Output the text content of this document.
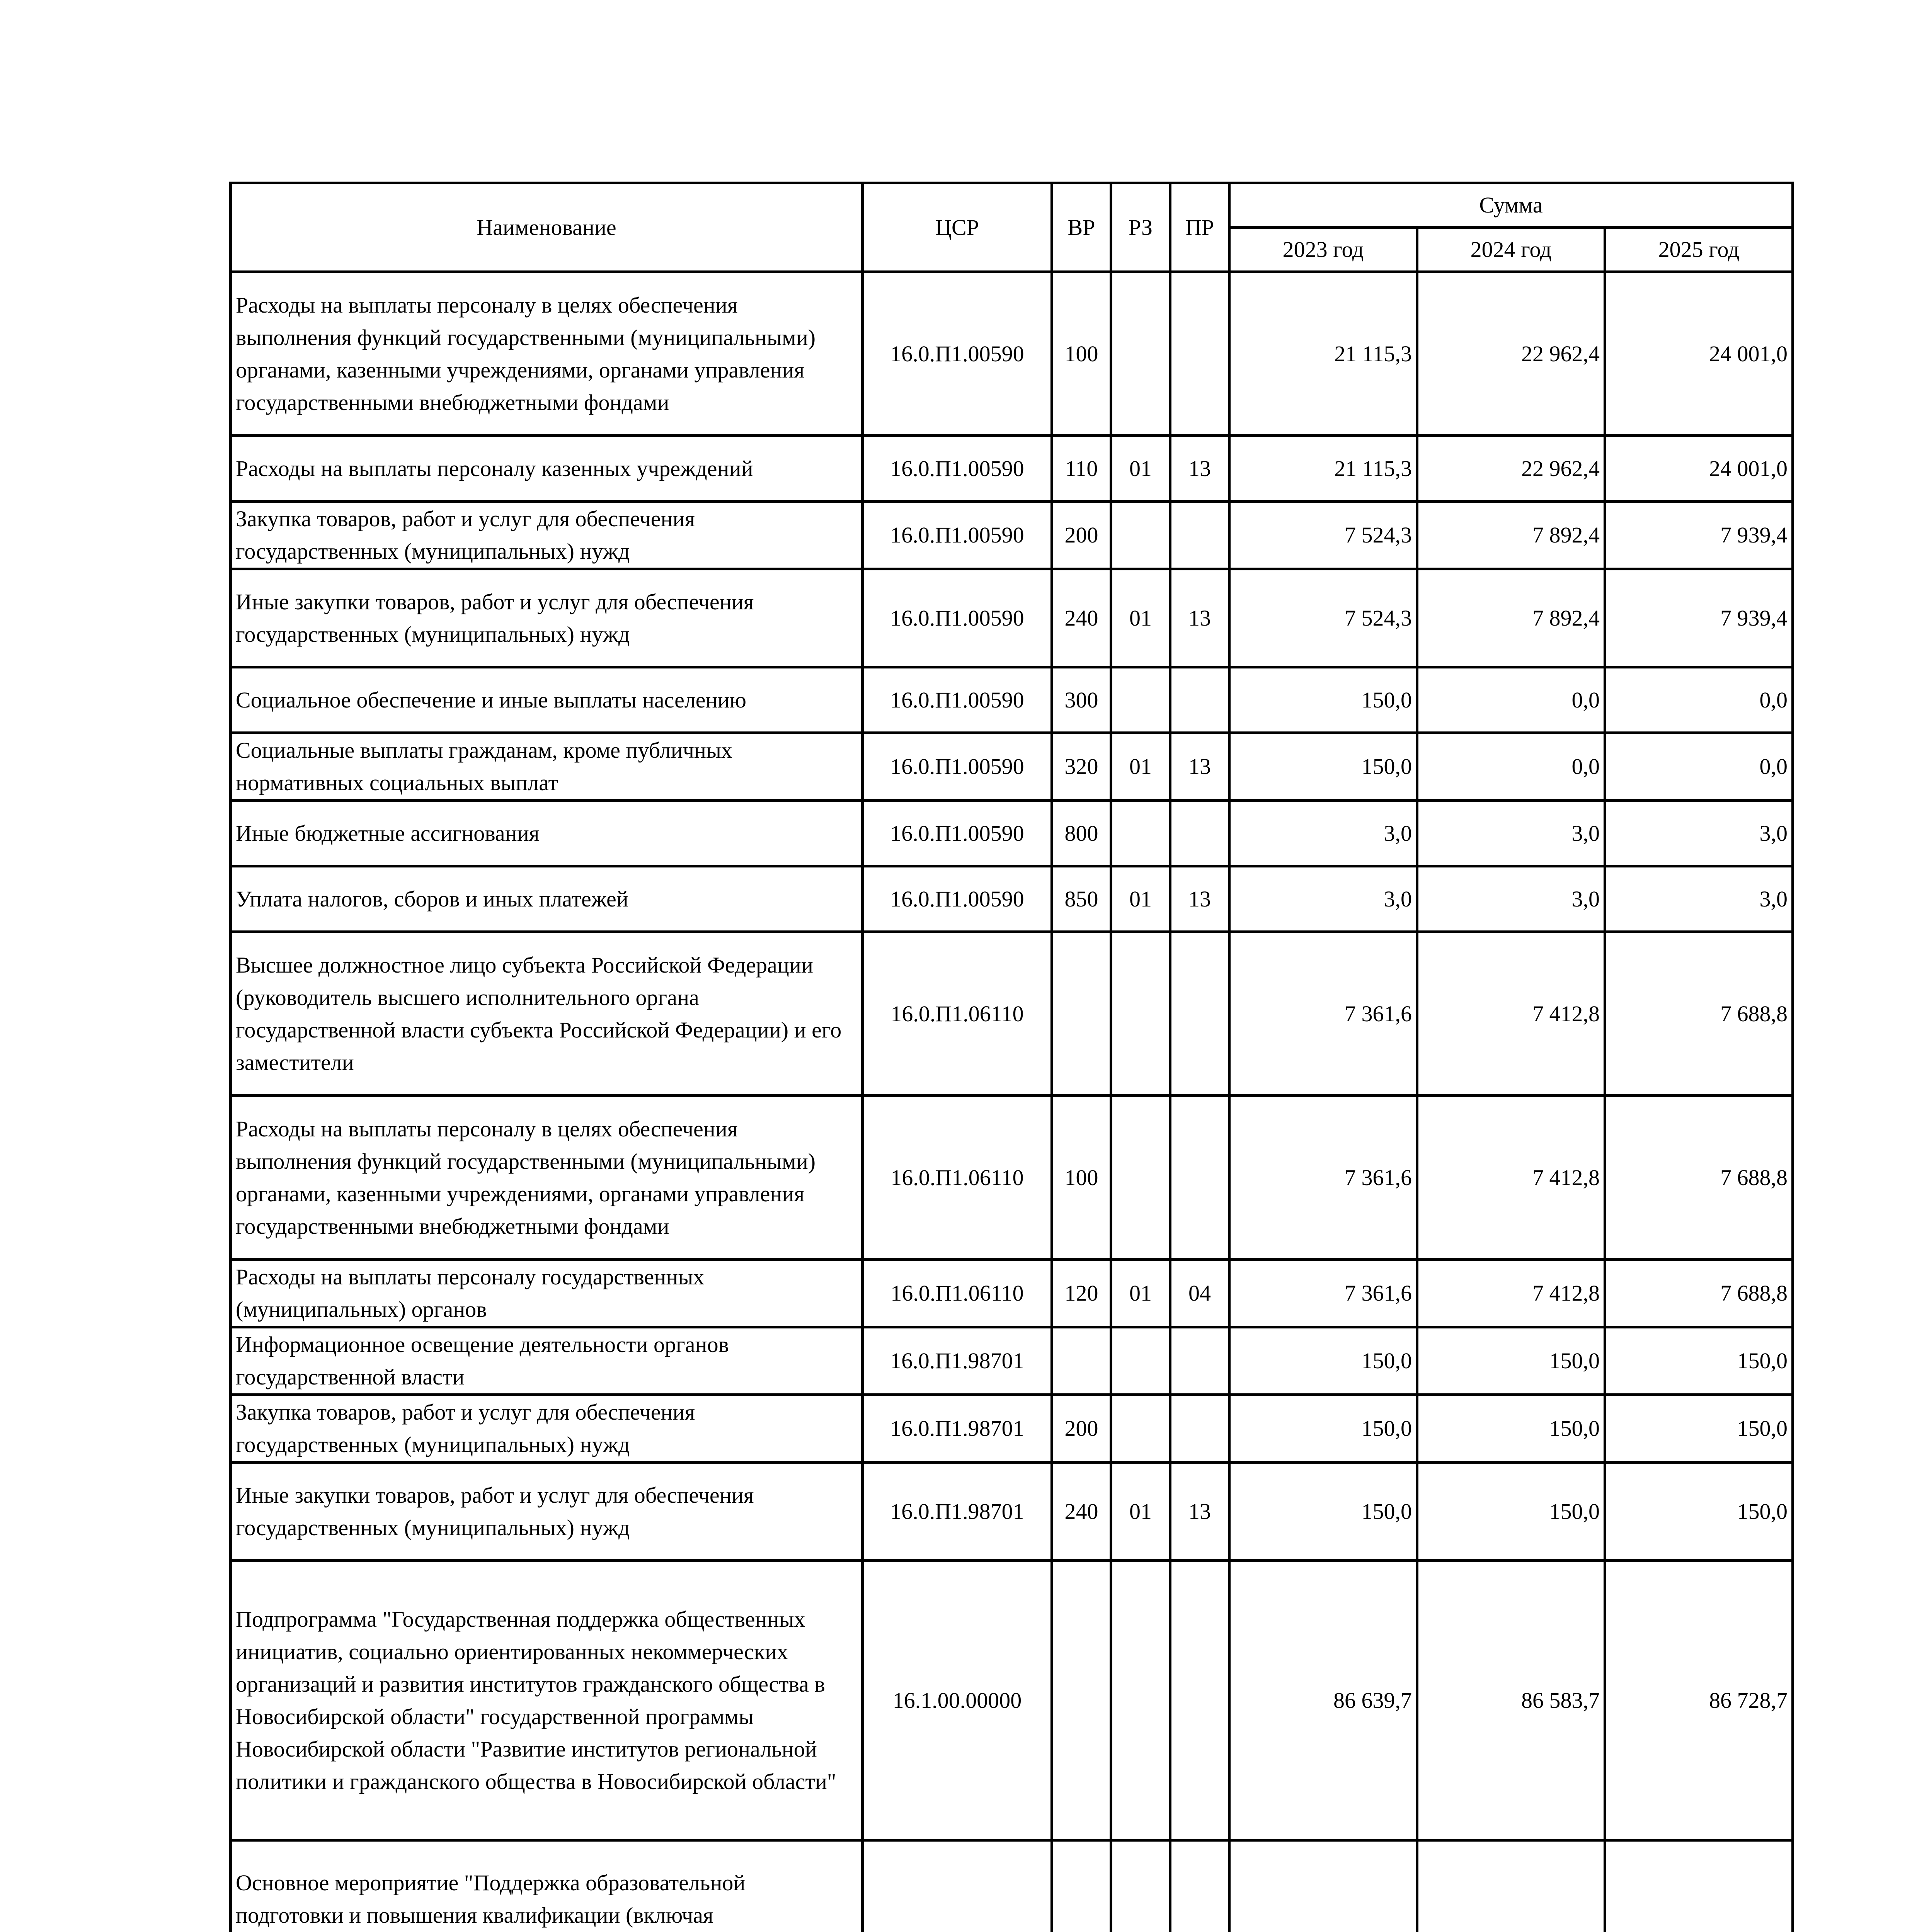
Наименование	ЦСР	ВР	РЗ	ПР	Сумма		
					2023 год	2024 год	2025 год
Расходы на выплаты персоналу в целях обеспечения выполнения функций государственными (муниципальными) органами, казенными учреждениями, органами управления государственными внебюджетными фондами	16.0.П1.00590	100			21 115,3	22 962,4	24 001,0
Расходы на выплаты персоналу казенных учреждений	16.0.П1.00590	110	01	13	21 115,3	22 962,4	24 001,0
Закупка товаров, работ и услуг для обеспечения государственных (муниципальных) нужд	16.0.П1.00590	200			7 524,3	7 892,4	7 939,4
Иные закупки товаров, работ и услуг для обеспечения государственных (муниципальных) нужд	16.0.П1.00590	240	01	13	7 524,3	7 892,4	7 939,4
Социальное обеспечение и иные выплаты населению	16.0.П1.00590	300			150,0	0,0	0,0
Социальные выплаты гражданам, кроме публичных нормативных социальных выплат	16.0.П1.00590	320	01	13	150,0	0,0	0,0
Иные бюджетные ассигнования	16.0.П1.00590	800			3,0	3,0	3,0
Уплата налогов, сборов и иных платежей	16.0.П1.00590	850	01	13	3,0	3,0	3,0
Высшее должностное лицо субъекта Российской Федерации (руководитель высшего исполнительного органа государственной власти субъекта Российской Федерации) и его заместители	16.0.П1.06110				7 361,6	7 412,8	7 688,8
Расходы на выплаты персоналу в целях обеспечения выполнения функций государственными (муниципальными) органами, казенными учреждениями, органами управления государственными внебюджетными фондами	16.0.П1.06110	100			7 361,6	7 412,8	7 688,8
Расходы на выплаты персоналу государственных (муниципальных) органов	16.0.П1.06110	120	01	04	7 361,6	7 412,8	7 688,8
Информационное освещение деятельности органов государственной власти	16.0.П1.98701				150,0	150,0	150,0
Закупка товаров, работ и услуг для обеспечения государственных (муниципальных) нужд	16.0.П1.98701	200			150,0	150,0	150,0
Иные закупки товаров, работ и услуг для обеспечения государственных (муниципальных) нужд	16.0.П1.98701	240	01	13	150,0	150,0	150,0
Подпрограмма "Государственная поддержка общественных инициатив, социально ориентированных некоммерческих организаций и развития институтов гражданского общества в Новосибирской области" государственной программы Новосибирской области "Развитие институтов региональной политики и гражданского общества в Новосибирской области"	16.1.00.00000				86 639,7	86 583,7	86 728,7
Основное мероприятие "Поддержка образовательной подготовки и повышения квалификации (включая							
